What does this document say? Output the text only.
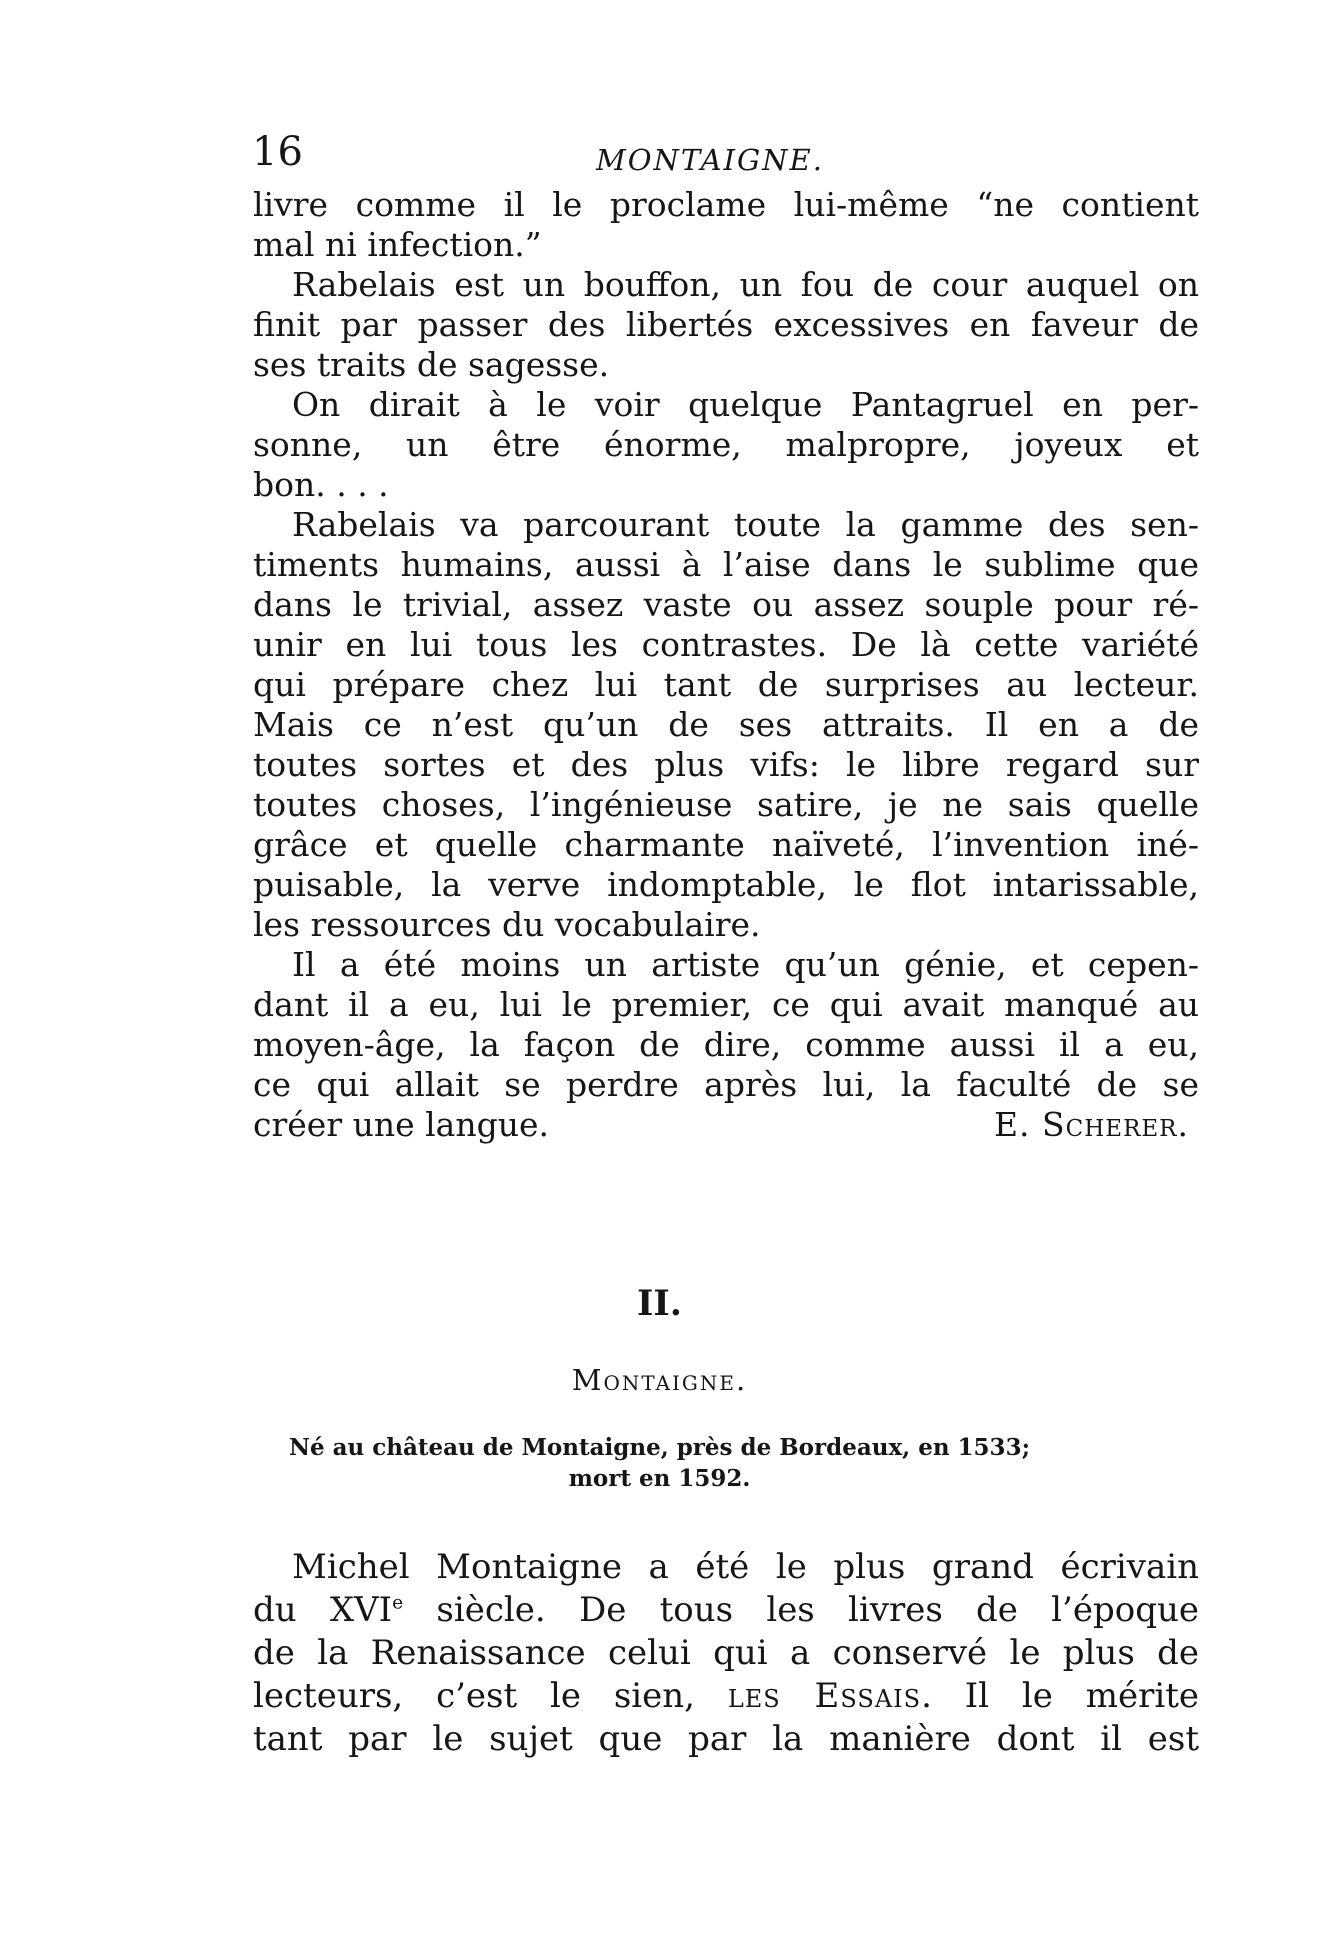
16	MONTAIGNE.
livre comme il le proclame lui-même “ne contient
mal ni infection.”
Rabelais est un bouffon, un fou de cour auquel on
finit par passer des libertés excessives en faveur de
ses traits de sagesse.
On dirait à le voir quelque Pantagruel en per-
sonne, un être énorme, malpropre, joyeux et
bon. . . .
Rabelais va parcourant toute la gamme des sen-
timents humains, aussi à l’aise dans le sublime que
dans le trivial, assez vaste ou assez souple pour ré-
unir en lui tous les contrastes. De là cette variété
qui prépare chez lui tant de surprises au lecteur.
Mais ce n’est qu’un de ses attraits. Il en a de
toutes sortes et des plus vifs: le libre regard sur
toutes choses, l’ingénieuse satire, je ne sais quelle
grâce et quelle charmante naïveté, l’invention iné-
puisable, la verve indomptable, le flot intarissable,
les ressources du vocabulaire.
Il a été moins un artiste qu’un génie, et cepen-
dant il a eu, lui le premier, ce qui avait manqué au
moyen-âge, la façon de dire, comme aussi il a eu,
ce qui allait se perdre après lui, la faculté de se
créer une langue.	E. Scherer.
II.
Montaigne.
Né au château de Montaigne, près de Bordeaux, en 1533;
mort en 1592.
Michel Montaigne a été le plus grand écrivain
du XVIe siècle. De tous les livres de l’époque
de la Renaissance celui qui a conservé le plus de
lecteurs, c’est le sien, les Essais. Il le mérite
tant par le sujet que par la manière dont il est
